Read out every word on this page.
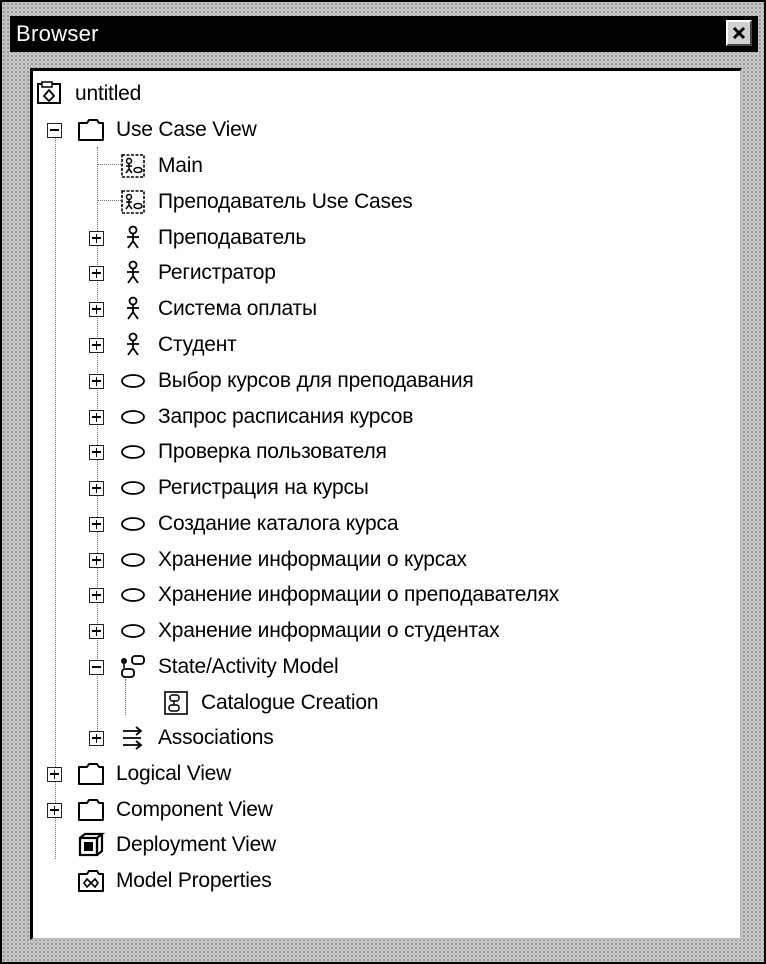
Browser
untitled
Use Case View
Main
Преподаватель Use Cases
Преподаватель
Регистратор
Система оплаты
Студент
Выбор курсов для преподавания
Запрос расписания курсов
Проверка пользователя
Регистрация на курсы
Создание каталога курса
Хранение информации о курсах
Хранение информации о преподавателях
Хранение информации о студентах
State/Activity Model
Catalogue Creation
Associations
Logical View
Component View
Deployment View
Model Properties
